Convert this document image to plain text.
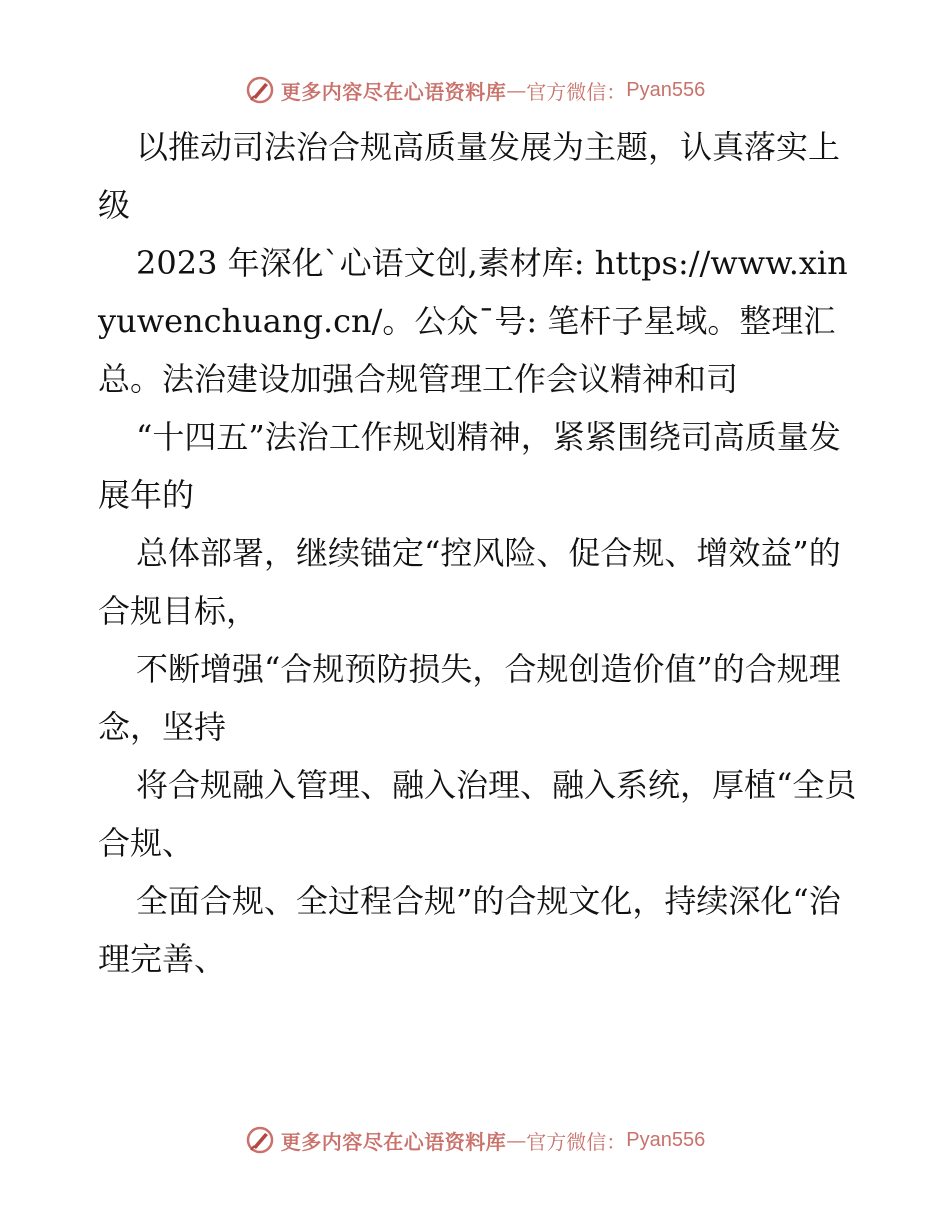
更多内容尽在心语资料库 — 官方微信： Pyan556

以推动司法治合规高质量发展为主题，认真落实上级

2023 年深化`心语文创,素材库: https://www.xinyuwenchuang.cn/。公众¯号: 笔杆子星域。整理汇总。法治建设加强合规管理工作会议精神和司

“十四五”法治工作规划精神，紧紧围绕司高质量发展年的

总体部署，继续锚定“控风险、促合规、增效益”的合规目标，

不断增强“合规预防损失，合规创造价值”的合规理念，坚持

将合规融入管理、融入治理、融入系统，厚植“全员合规、

全面合规、全过程合规”的合规文化，持续深化“治理完善、

更多内容尽在心语资料库 — 官方微信： Pyan556
